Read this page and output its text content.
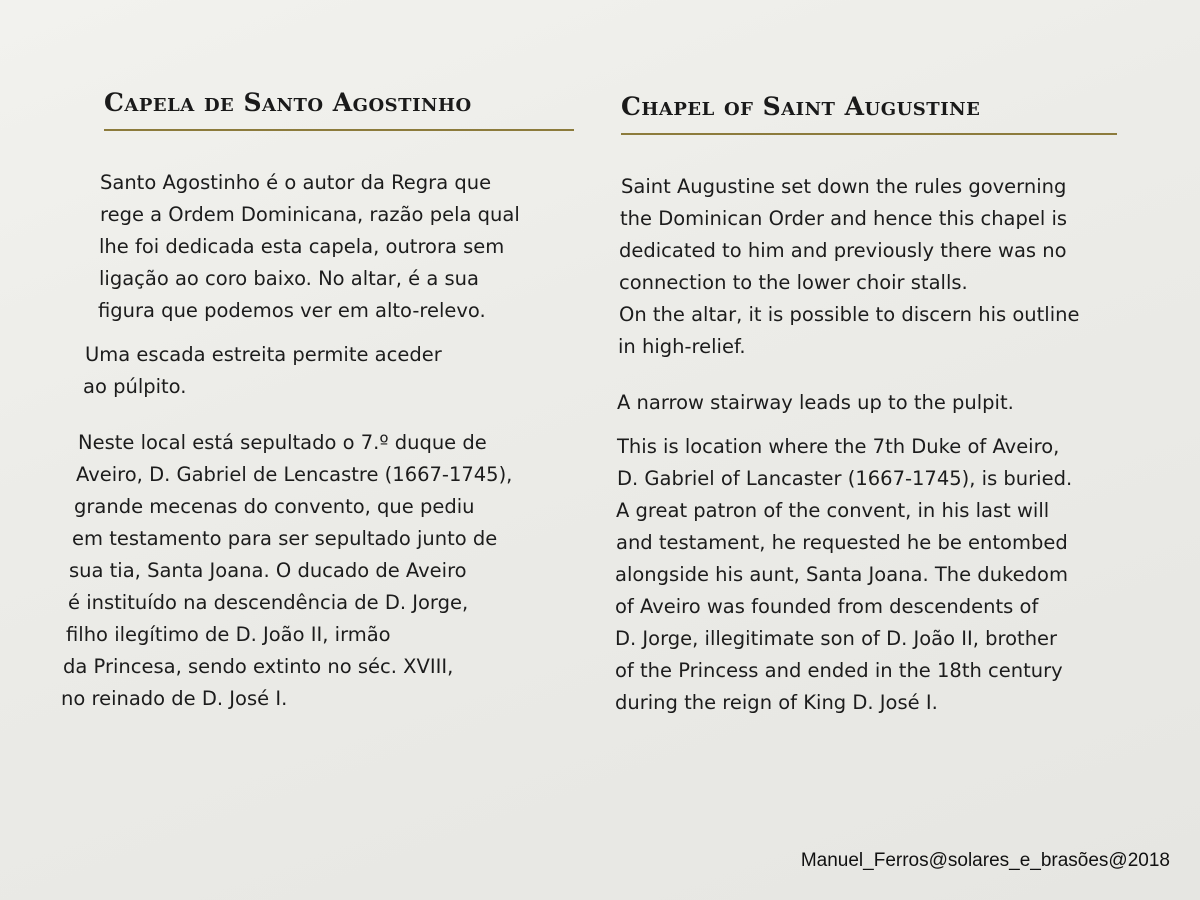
Capela de Santo Agostinho

Santo Agostinho é o autor da Regra que
rege a Ordem Dominicana, razão pela qual
lhe foi dedicada esta capela, outrora sem
ligação ao coro baixo. No altar, é a sua
figura que podemos ver em alto-relevo.

Uma escada estreita permite aceder
ao púlpito.

Neste local está sepultado o 7.º duque de
Aveiro, D. Gabriel de Lencastre (1667-1745),
grande mecenas do convento, que pediu
em testamento para ser sepultado junto de
sua tia, Santa Joana. O ducado de Aveiro
é instituído na descendência de D. Jorge,
filho ilegítimo de D. João II, irmão
da Princesa, sendo extinto no séc. XVIII,
no reinado de D. José I.

Chapel of Saint Augustine

Saint Augustine set down the rules governing
the Dominican Order and hence this chapel is
dedicated to him and previously there was no
connection to the lower choir stalls.
On the altar, it is possible to discern his outline
in high-relief.

A narrow stairway leads up to the pulpit.

This is location where the 7th Duke of Aveiro,
D. Gabriel of Lancaster (1667-1745), is buried.
A great patron of the convent, in his last will
and testament, he requested he be entombed
alongside his aunt, Santa Joana. The dukedom
of Aveiro was founded from descendents of
D. Jorge, illegitimate son of D. João II, brother
of the Princess and ended in the 18th century
during the reign of King D. José I.

Manuel_Ferros@solares_e_brasões@2018
